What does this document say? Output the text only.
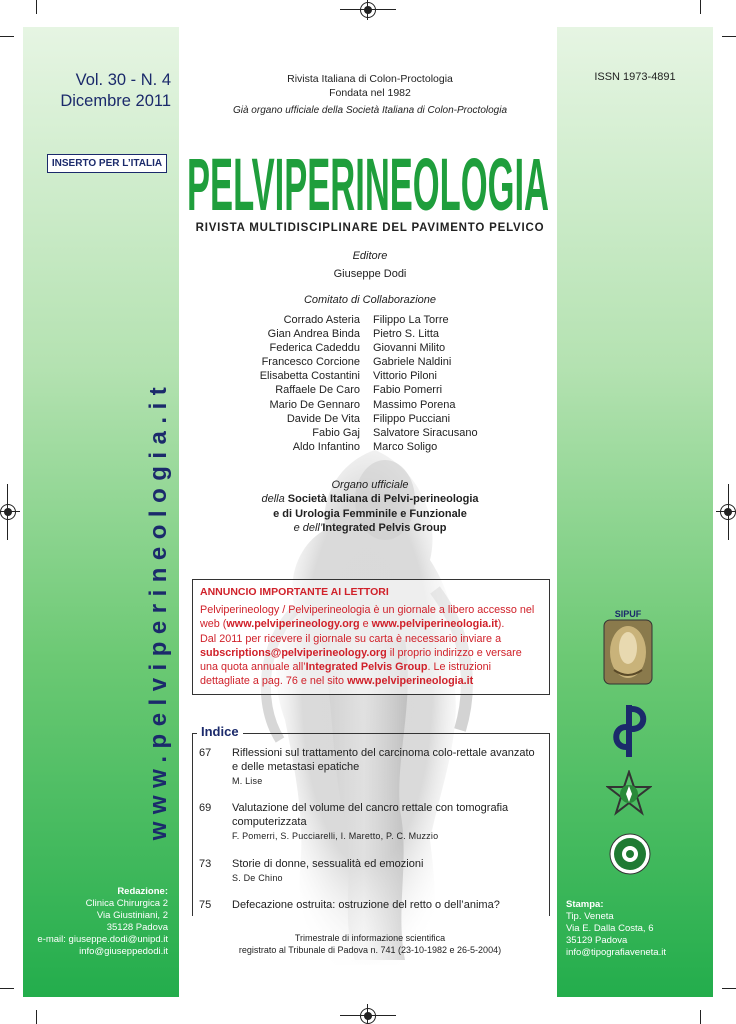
Vol. 30 - N. 4
Dicembre 2011
INSERTO PER L’ITALIA
www.pelviperineologia.it
Redazione:
Clinica Chirurgica 2
Via Giustiniani, 2
35128 Padova
e-mail: giuseppe.dodi@unipd.it
info@giuseppedodi.it
Rivista Italiana di Colon-Proctologia
Fondata nel 1982
Già organo ufficiale della Società Italiana di Colon-Proctologia
ISSN 1973-4891
PELVIPERINEOLOGIA
RIVISTA MULTIDISCIPLINARE DEL PAVIMENTO PELVICO
Editore
Giuseppe Dodi
Comitato di Collaborazione
Corrado Asteria
Gian Andrea Binda
Federica Cadeddu
Francesco Corcione
Elisabetta Costantini
Raffaele De Caro
Mario De Gennaro
Davide De Vita
Fabio Gaj
Aldo Infantino
Filippo La Torre
Pietro S. Litta
Giovanni Milito
Gabriele Naldini
Vittorio Piloni
Fabio Pomerri
Massimo Porena
Filippo Pucciani
Salvatore Siracusano
Marco Soligo
Organo ufficiale
della Società Italiana di Pelvi-perineologia
e di Urologia Femminile e Funzionale
e dell’Integrated Pelvis Group
ANNUNCIO IMPORTANTE AI LETTORI
Pelviperineology / Pelviperineologia è un giornale a libero accesso nel web (www.pelviperineology.org e www.pelviperineologia.it).
Dal 2011 per ricevere il giornale su carta è necessario inviare a subscriptions@pelviperineology.org il proprio indirizzo e versare una quota annuale all’Integrated Pelvis Group. Le istruzioni dettagliate a pag. 76 e nel sito www.pelviperineologia.it
Indice
67	Riflessioni sul trattamento del carcinoma colo-rettale avanzato e delle metastasi epatiche
M. Lise
69	Valutazione del volume del cancro rettale con tomografia computerizzata
F. Pomerri, S. Pucciarelli, I. Maretto, P. C. Muzzio
73	Storie di donne, sessualità ed emozioni
S. De Chino
75	Defecazione ostruita: ostruzione del retto o dell’anima?
Trimestrale di informazione scientifica
registrato al Tribunale di Padova n. 741 (23-10-1982 e 26-5-2004)
SIPUF
Stampa:
Tip. Veneta
Via E. Dalla Costa, 6
35129 Padova
info@tipografiaveneta.it
